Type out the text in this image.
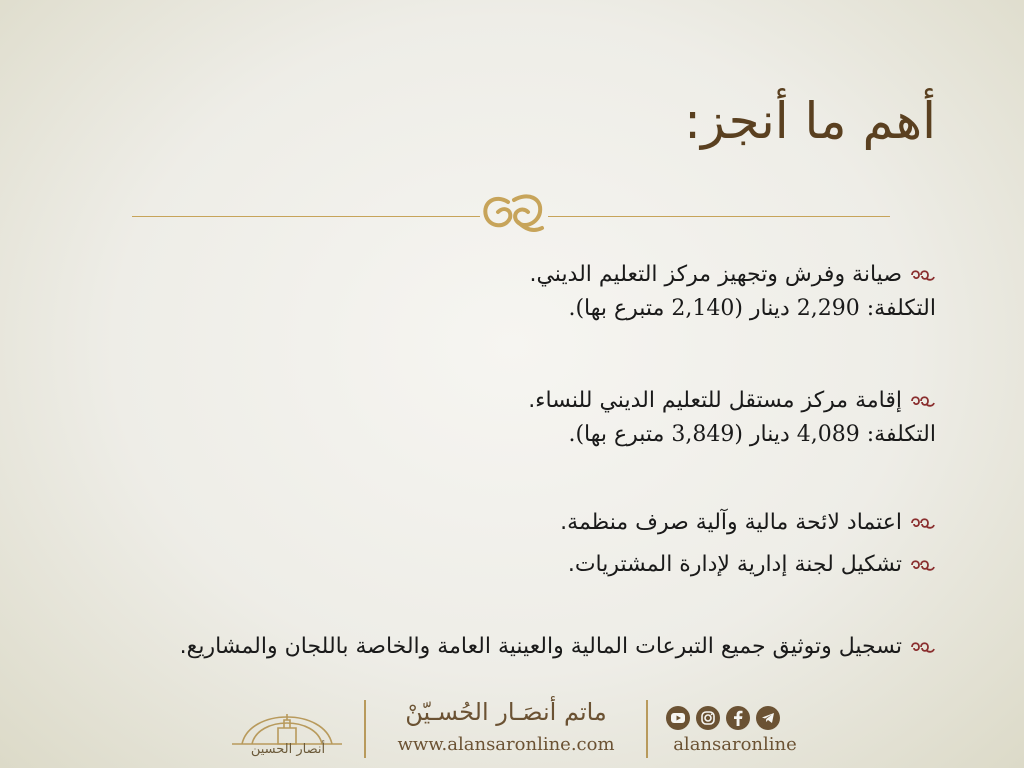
أهم ما أنجز:
صيانة وفرش وتجهيز مركز التعليم الديني.
التكلفة: 2,290 دينار (2,140 متبرع بها).
إقامة مركز مستقل للتعليم الديني للنساء.
التكلفة: 4,089 دينار (3,849 متبرع بها).
اعتماد لائحة مالية وآلية صرف منظمة.
تشكيل لجنة إدارية لإدارة المشتريات.
تسجيل وتوثيق جميع التبرعات المالية والعينية العامة والخاصة باللجان والمشاريع.
أنصار الحسين
ماتم أنصَـار الحُسـيّنْ
www.alansaronline.com	alansaronline
